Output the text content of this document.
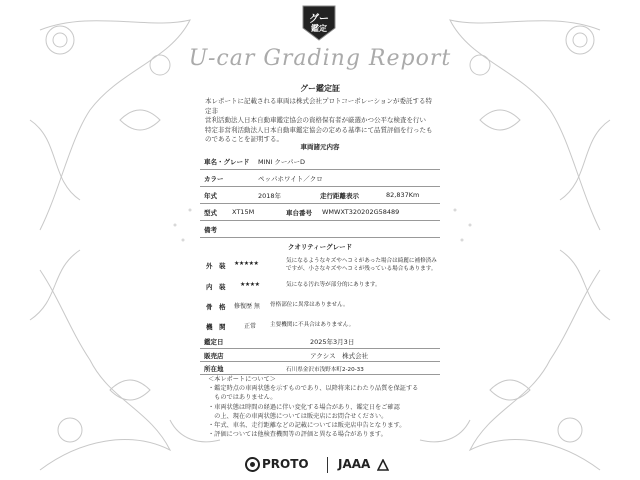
グー
鑑定
U-car Grading Report
グー鑑定証
本レポートに記載される車両は株式会社プロトコーポレーションが委託する特定非
営利活動法人日本自動車鑑定協会の資格保有者が厳選かつ公平な検査を行い
特定非営利活動法人日本自動車鑑定協会の定める基準にて品質評価を行ったも
のであることを証明する。
車両諸元内容
車名・グレード MINI クーパーD
カラー	ペッパホワイト／クロ
年式	2018年	走行距離表示	82,837Km
型式 XT15M	車台番号 WMWXT320202G58489
備考
クオリティーグレード
外　装 ★★★★★	気になるようなキズやヘコミがあった場合は綺麗に補修済み
ですが、小さなキズやヘコミが残っている場合もあります。
内　装 ★★★★	気になる汚れ等が部分的にあります。
骨　格 修復歴 無 骨格部位に異常はありません。
機　関	正常 主要機関に不具合はありません。
鑑定日	2025年3月3日
販売店	アクシス　株式会社
所在地	石川県金沢市浅野本町2-20-33
＜本レポートについて＞
・鑑定時点の車両状態を示すものであり、以降将来にわたり品質を保証する
　ものではありません。
・車両状態は時間の経過に伴い変化する場合があり、鑑定日をご確認
　の上、現在の車両状態については販売店にお問合せください。
・年式、車名、走行距離などの記載については販売店申告となります。
・評価については他検査機関等の評価と異なる場合があります。
PROTO JAAA
